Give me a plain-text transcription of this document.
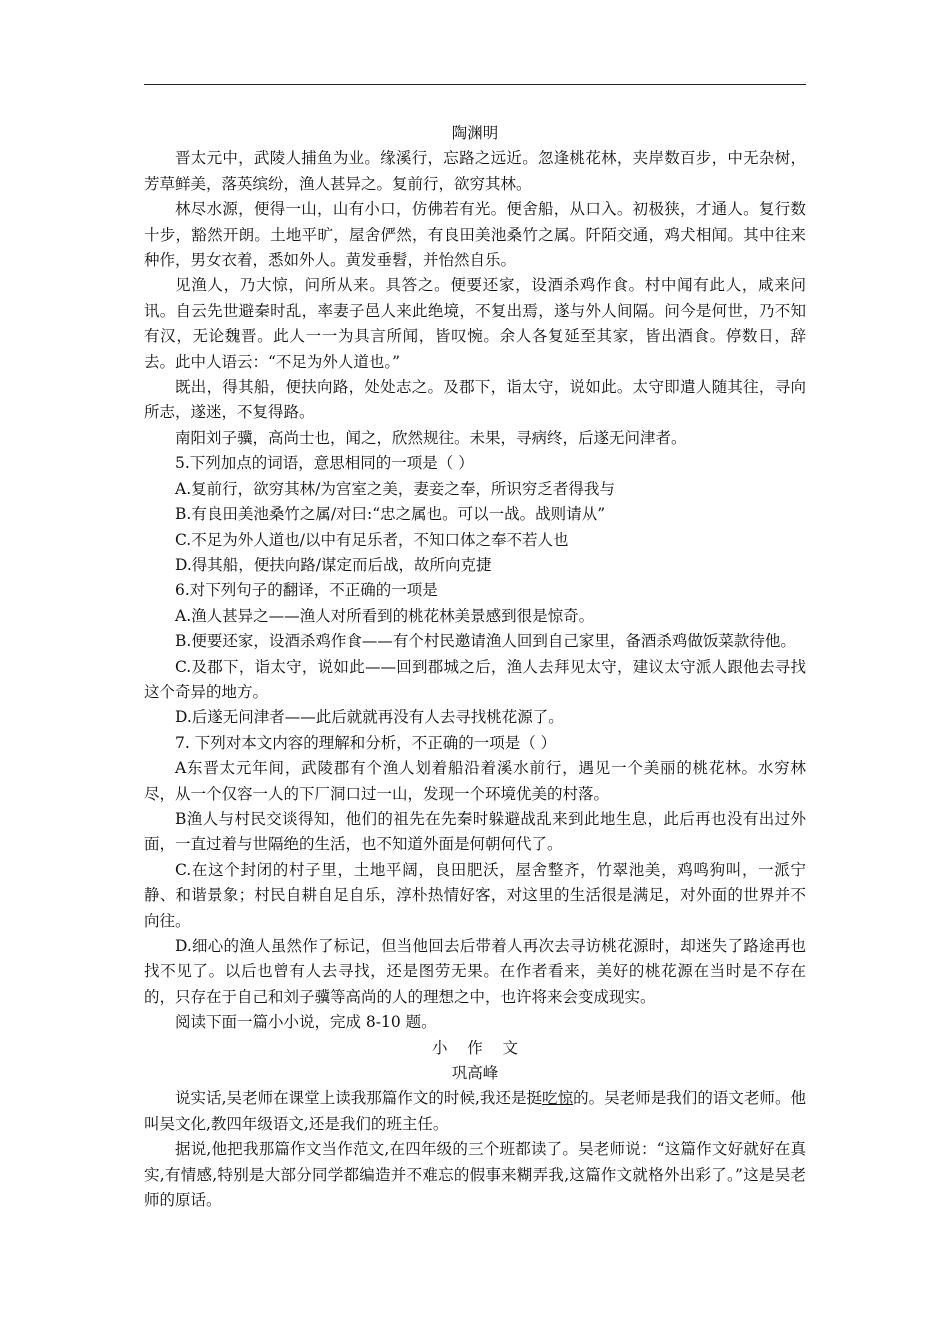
陶渊明

晋太元中，武陵人捕鱼为业。缘溪行，忘路之远近。忽逢桃花林，夹岸数百步，中无杂树，芳草鲜美，落英缤纷，渔人甚异之。复前行，欲穷其林。

林尽水源，便得一山，山有小口，仿佛若有光。便舍船，从口入。初极狭，才通人。复行数十步，豁然开朗。土地平旷，屋舍俨然，有良田美池桑竹之属。阡陌交通，鸡犬相闻。其中往来种作，男女衣着，悉如外人。黄发垂髫，并怡然自乐。

见渔人，乃大惊，问所从来。具答之。便要还家，设酒杀鸡作食。村中闻有此人，咸来问讯。自云先世避秦时乱，率妻子邑人来此绝境，不复出焉，遂与外人间隔。问今是何世，乃不知有汉，无论魏晋。此人一一为具言所闻，皆叹惋。余人各复延至其家，皆出酒食。停数日，辞去。此中人语云：“不足为外人道也。”

既出，得其船，便扶向路，处处志之。及郡下，诣太守，说如此。太守即遣人随其往，寻向所志，遂迷，不复得路。

南阳刘子骥，高尚士也，闻之，欣然规往。未果，寻病终，后遂无问津者。

5.下列加点的词语，意思相同的一项是（ ）

A.复前行，欲穷其林/为宫室之美，妻妾之奉，所识穷乏者得我与

B.有良田美池桑竹之属/对曰:“忠之属也。可以一战。战则请从”

C.不足为外人道也/以中有足乐者，不知口体之奉不若人也

D.得其船，便扶向路/谋定而后战，故所向克捷

6.对下列句子的翻译，不正确的一项是

A.渔人甚异之——渔人对所看到的桃花林美景感到很是惊奇。

B.便要还家，设酒杀鸡作食——有个村民邀请渔人回到自己家里，备酒杀鸡做饭菜款待他。

C.及郡下，诣太守，说如此——回到郡城之后，渔人去拜见太守，建议太守派人跟他去寻找这个奇异的地方。

D.后遂无问津者——此后就就再没有人去寻找桃花源了。

7. 下列对本文内容的理解和分析，不正确的一项是（ ）

A东晋太元年间，武陵郡有个渔人划着船沿着溪水前行，遇见一个美丽的桃花林。水穷林尽，从一个仅容一人的下厂洞口过一山，发现一个环境优美的村落。

B渔人与村民交谈得知，他们的祖先在先秦时躲避战乱来到此地生息，此后再也没有出过外面，一直过着与世隔绝的生活，也不知道外面是何朝何代了。

C.在这个封闭的村子里，土地平阔，良田肥沃，屋舍整齐，竹翠池美，鸡鸣狗叫，一派宁静、和谐景象；村民自耕自足自乐，淳朴热情好客，对这里的生活很是满足，对外面的世界并不向往。

D.细心的渔人虽然作了标记，但当他回去后带着人再次去寻访桃花源时，却迷失了路途再也找不见了。以后也曾有人去寻找，还是图劳无果。在作者看来，美好的桃花源在当时是不存在的，只存在于自己和刘子骥等高尚的人的理想之中，也许将来会变成现实。

阅读下面一篇小小说，完成 8-10 题。

小    作    文

巩高峰

说实话,吴老师在课堂上读我那篇作文的时候,我还是挺吃惊的。吴老师是我们的语文老师。他叫吴文化,教四年级语文,还是我们的班主任。

据说,他把我那篇作文当作范文,在四年级的三个班都读了。吴老师说：“这篇作文好就好在真实,有情感,特别是大部分同学都编造并不难忘的假事来糊弄我,这篇作文就格外出彩了。”这是吴老师的原话。
